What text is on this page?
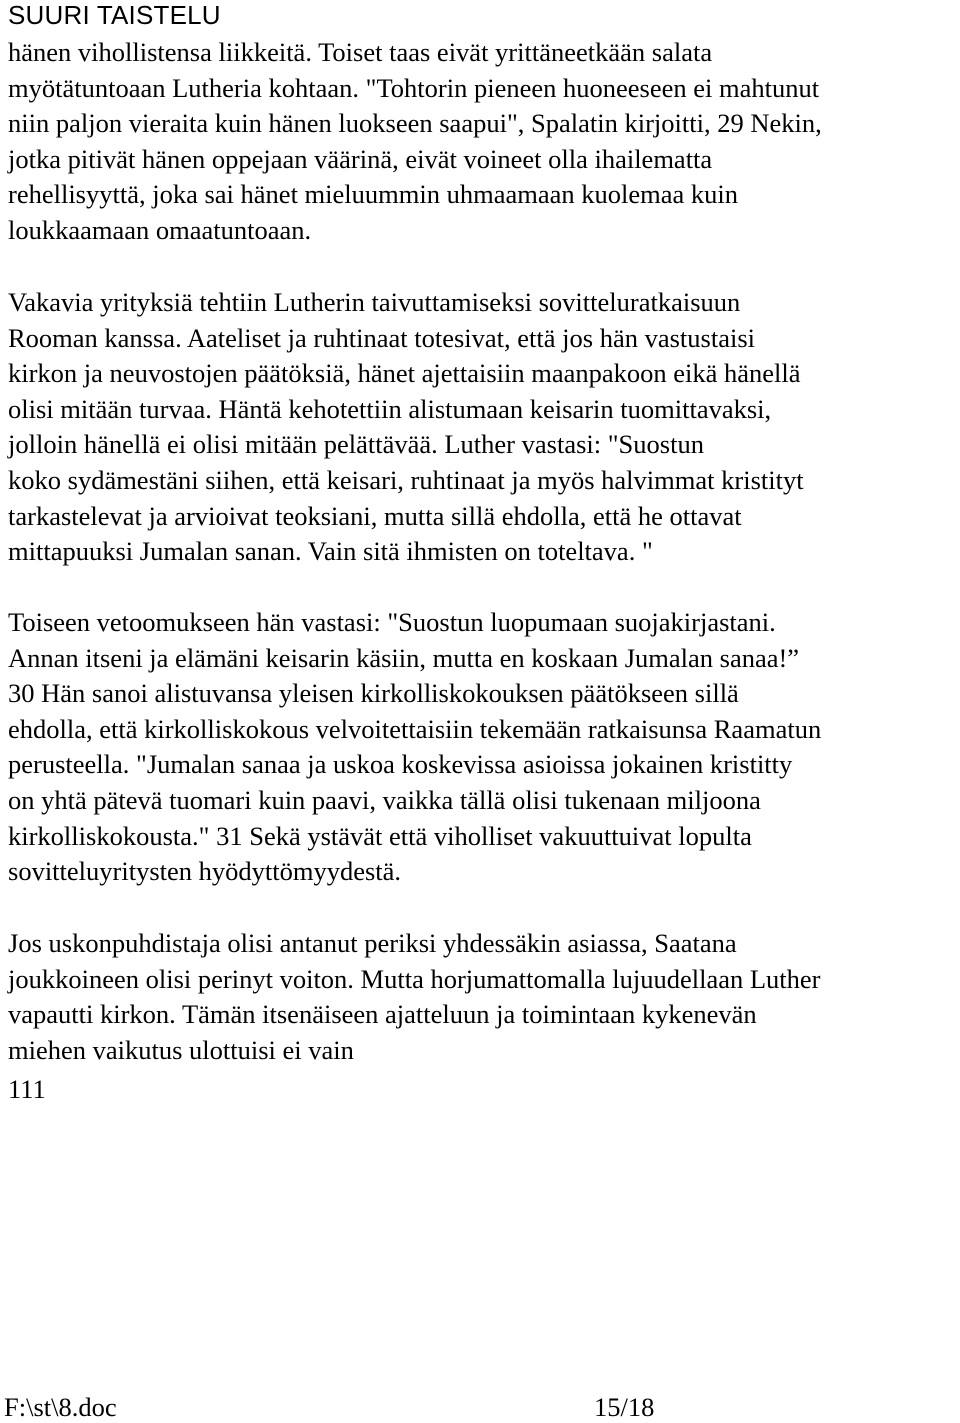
SUURI TAISTELU

hänen vihollistensa liikkeitä. Toiset taas eivät yrittäneetkään salata
myötätuntoaan Lutheria kohtaan. "Tohtorin pieneen huoneeseen ei mahtunut
niin paljon vieraita kuin hänen luokseen saapui", Spalatin kirjoitti, 29 Nekin,
jotka pitivät hänen oppejaan väärinä, eivät voineet olla ihailematta
rehellisyyttä, joka sai hänet mieluummin uhmaamaan kuolemaa kuin
loukkaamaan omaatuntoaan.

Vakavia yrityksiä tehtiin Lutherin taivuttamiseksi sovitteluratkaisuun
Rooman kanssa. Aateliset ja ruhtinaat totesivat, että jos hän vastustaisi
kirkon ja neuvostojen päätöksiä, hänet ajettaisiin maanpakoon eikä hänellä
olisi mitään turvaa. Häntä kehotettiin alistumaan keisarin tuomittavaksi,
jolloin hänellä ei olisi mitään pelättävää. Luther vastasi: "Suostun
koko sydämestäni siihen, että keisari, ruhtinaat ja myös halvimmat kristityt
tarkastelevat ja arvioivat teoksiani, mutta sillä ehdolla, että he ottavat
mittapuuksi Jumalan sanan. Vain sitä ihmisten on toteltava. "

Toiseen vetoomukseen hän vastasi: "Suostun luopumaan suojakirjastani.
Annan itseni ja elämäni keisarin käsiin, mutta en koskaan Jumalan sanaa!”
30 Hän sanoi alistuvansa yleisen kirkolliskokouksen päätökseen sillä
ehdolla, että kirkolliskokous velvoitettaisiin tekemään ratkaisunsa Raamatun
perusteella. "Jumalan sanaa ja uskoa koskevissa asioissa jokainen kristitty
on yhtä pätevä tuomari kuin paavi, vaikka tällä olisi tukenaan miljoona
kirkolliskokousta." 31 Sekä ystävät että viholliset vakuuttuivat lopulta
sovitteluyritysten hyödyttömyydestä.

Jos uskonpuhdistaja olisi antanut periksi yhdessäkin asiassa, Saatana
joukkoineen olisi perinyt voiton. Mutta horjumattomalla lujuudellaan Luther
vapautti kirkon. Tämän itsenäiseen ajatteluun ja toimintaan kykenevän
miehen vaikutus ulottuisi ei vain

111
F:\st\8.doc	15/18
